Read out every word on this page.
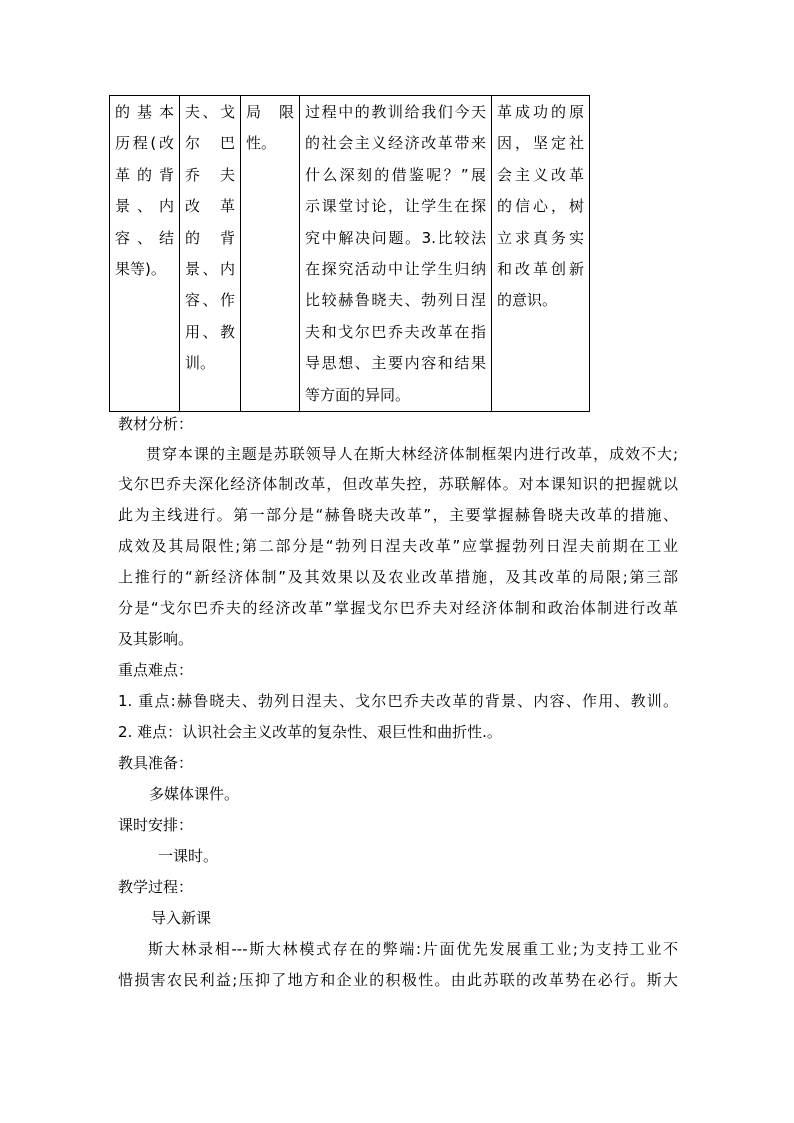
的基本
历程(改
革的背
景、内
容、结
果等)。

夫、戈
尔 巴
乔 夫
改 革
的 背
景、内
容、作
用、教
训。

局 限
性。

过程中的教训给我们今天
的社会主义经济改革带来
什么深刻的借鉴呢？”展
示课堂讨论，让学生在探
究中解决问题。3.比较法
在探究活动中让学生归纳
比较赫鲁晓夫、勃列日涅
夫和戈尔巴乔夫改革在指
导思想、主要内容和结果
等方面的异同。

革成功的原
因，坚定社
会主义改革
的信心，树
立求真务实
和改革创新
的意识。
教材分析：
贯穿本课的主题是苏联领导人在斯大林经济体制框架内进行改革，成效不大;
戈尔巴乔夫深化经济体制改革，但改革失控，苏联解体。对本课知识的把握就以
此为主线进行。第一部分是“赫鲁晓夫改革”，主要掌握赫鲁晓夫改革的措施、
成效及其局限性;第二部分是“勃列日涅夫改革”应掌握勃列日涅夫前期在工业
上推行的“新经济体制”及其效果以及农业改革措施，及其改革的局限;第三部
分是“戈尔巴乔夫的经济改革”掌握戈尔巴乔夫对经济体制和政治体制进行改革
及其影响。
重点难点：
1. 重点:赫鲁晓夫、勃列日涅夫、戈尔巴乔夫改革的背景、内容、作用、教训。
2. 难点：认识社会主义改革的复杂性、艰巨性和曲折性.。
教具准备：
多媒体课件。
课时安排：
一课时。
教学过程：
导入新课
斯大林录相---斯大林模式存在的弊端:片面优先发展重工业;为支持工业不
惜损害农民利益;压抑了地方和企业的积极性。由此苏联的改革势在必行。斯大
